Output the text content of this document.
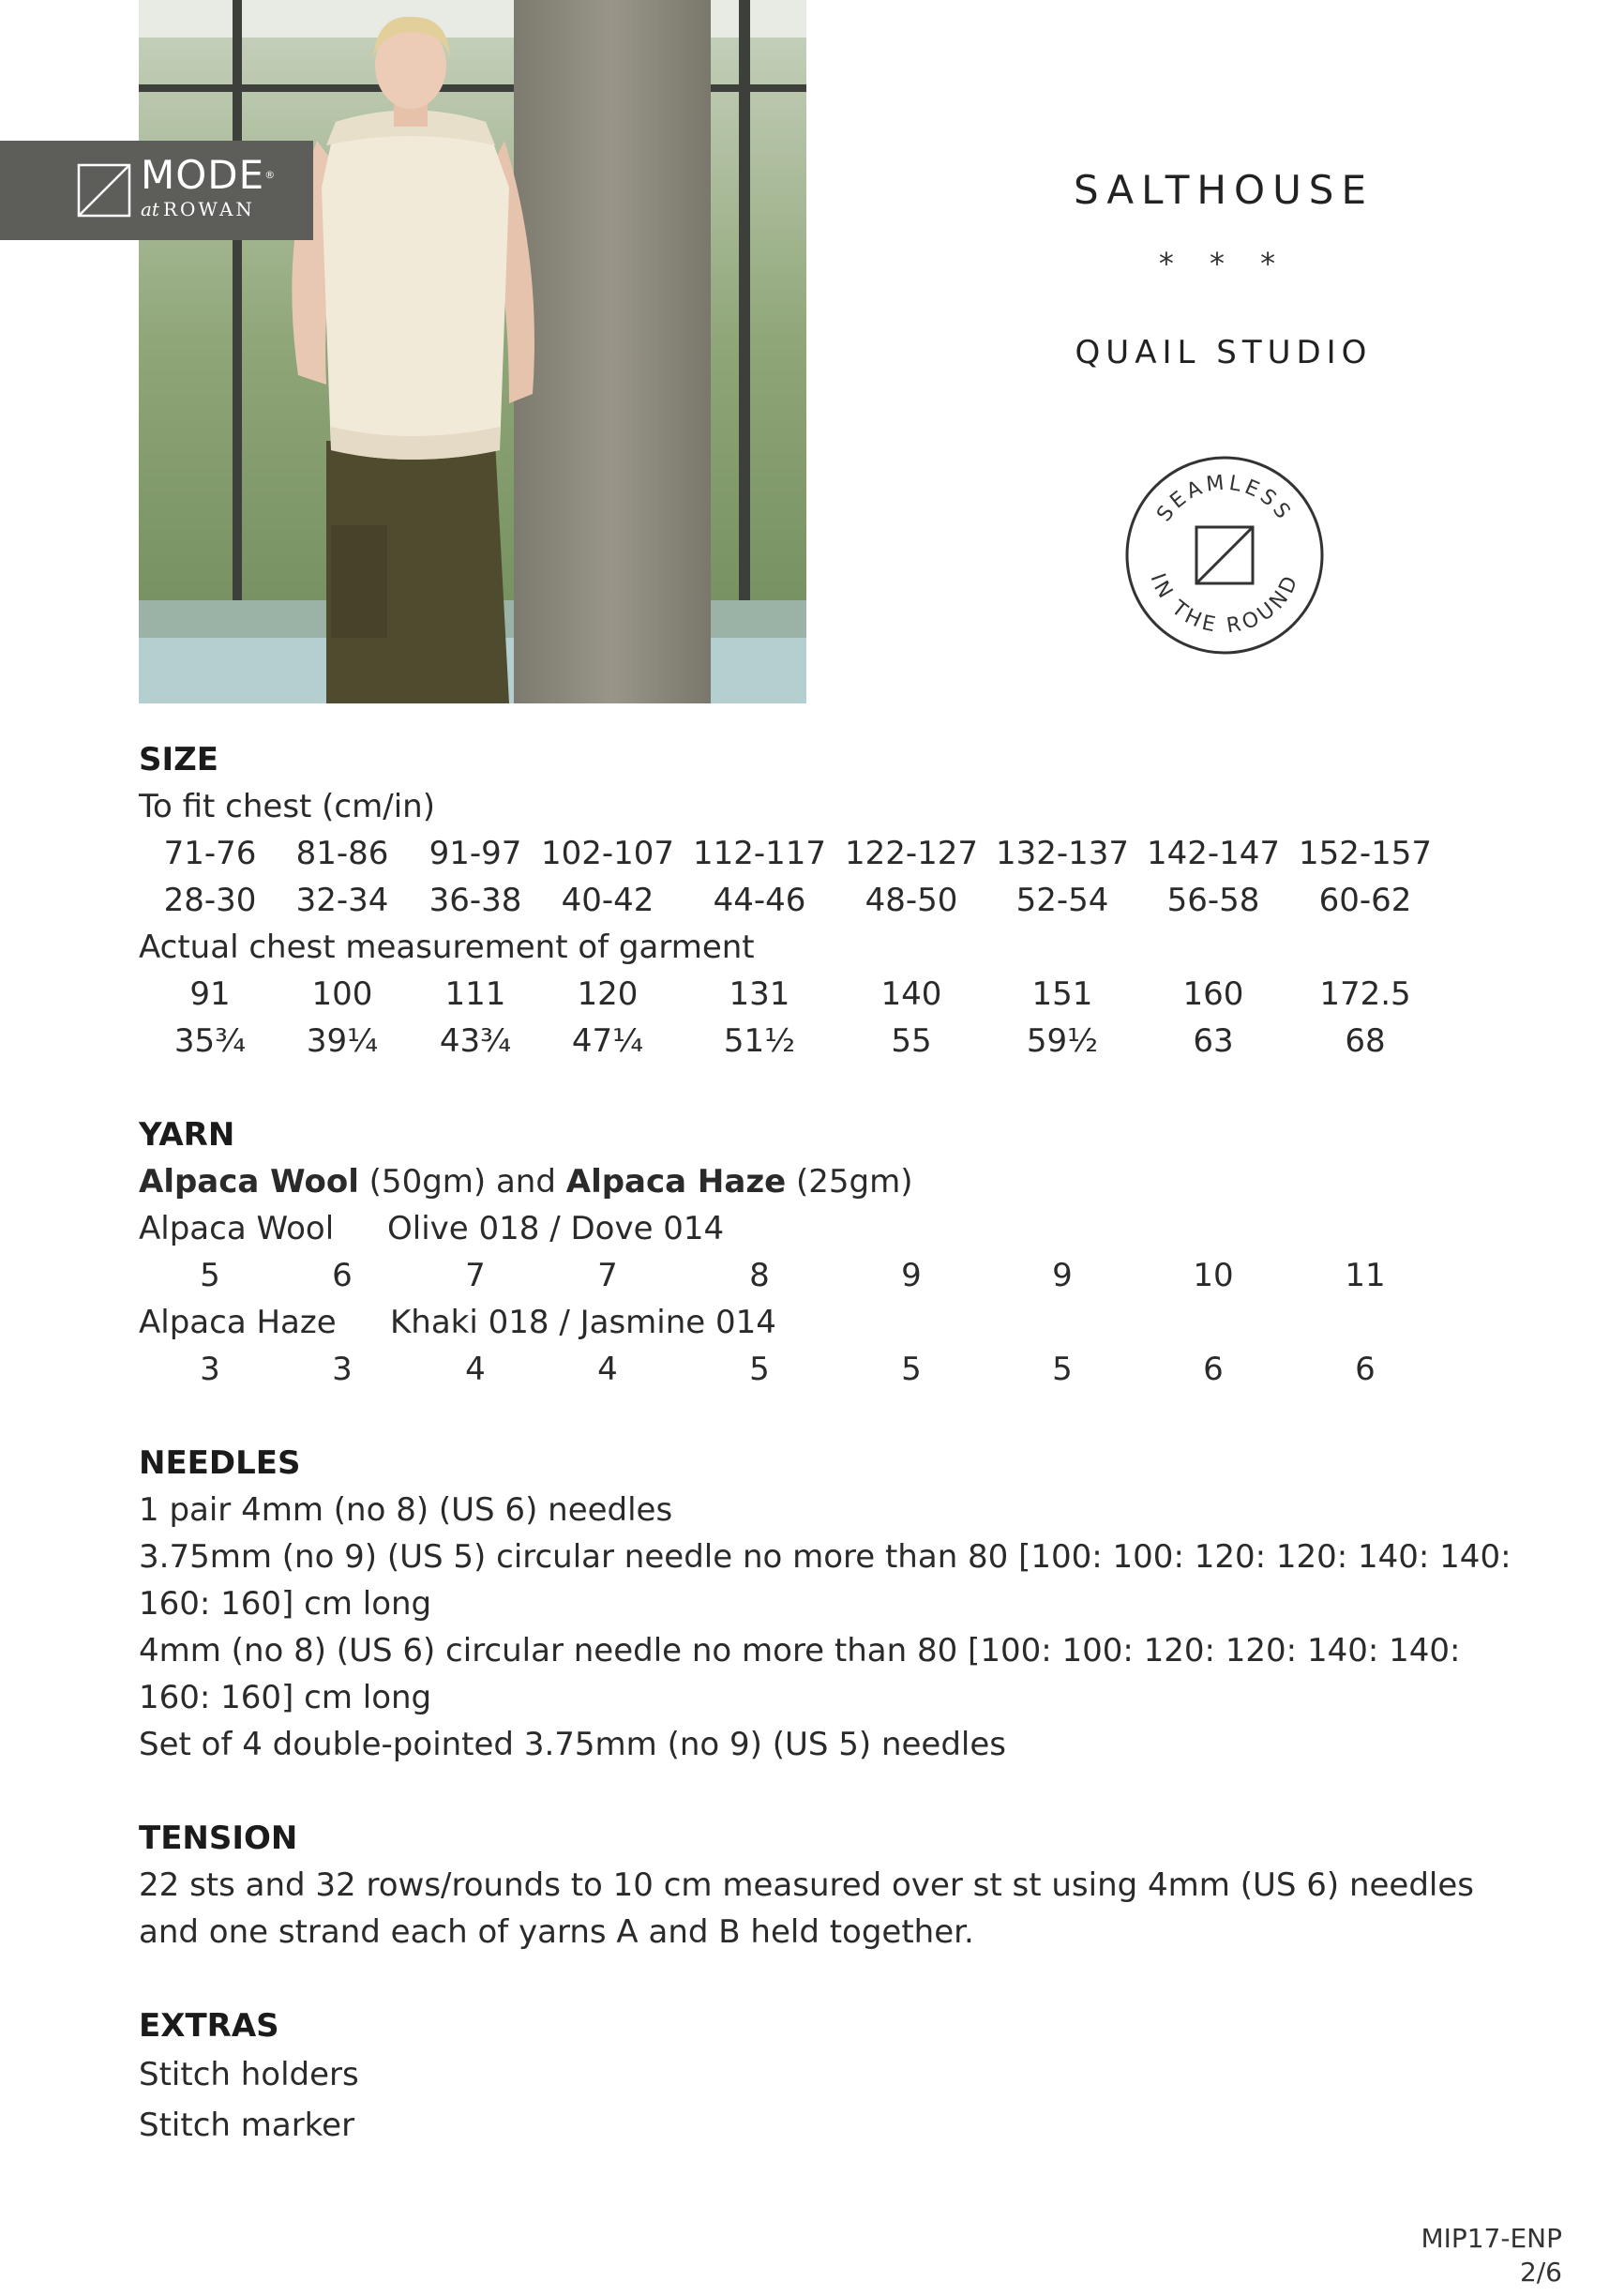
MODE®
at ROWAN	SALTHOUSE
* * *
QUAIL STUDIO
SEAMLESS
IN THE ROUND
SIZE
To fit chest (cm/in)
71-76	81-86	91-97 102-107 112-117 122-127 132-137 142-147 152-157
28-30	32-34	36-38	40-42	44-46	48-50	52-54	56-58	60-62
Actual chest measurement of garment
91	100	111	120	131	140	151	160	172.5
35¾	39¼	43¾	47¼	51½	55	59½	63	68
YARN
Alpaca Wool (50gm) and Alpaca Haze (25gm)
Alpaca Wool Olive 018 / Dove 014
5	6	7	7	8	9	9	10	11
Alpaca Haze Khaki 018 / Jasmine 014
3	3	4	4	5	5	5	6	6
NEEDLES
1 pair 4mm (no 8) (US 6) needles
3.75mm (no 9) (US 5) circular needle no more than 80 [100: 100: 120: 120: 140: 140:
160: 160] cm long
4mm (no 8) (US 6) circular needle no more than 80 [100: 100: 120: 120: 140: 140:
160: 160] cm long
Set of 4 double-pointed 3.75mm (no 9) (US 5) needles
TENSION
22 sts and 32 rows/rounds to 10 cm measured over st st using 4mm (US 6) needles
and one strand each of yarns A and B held together.
EXTRAS
Stitch holders
Stitch marker
MIP17-ENP
2/6
